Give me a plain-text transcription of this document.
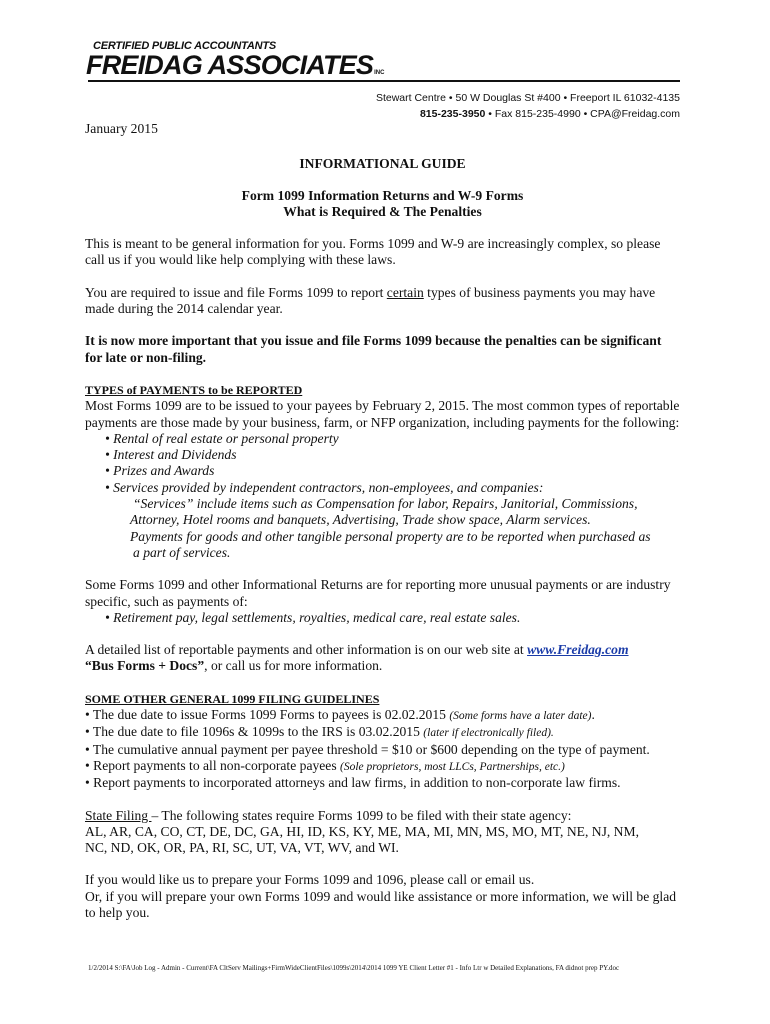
CERTIFIED PUBLIC ACCOUNTANTS
FREIDAG ASSOCIATESINC
Stewart Centre • 50 W Douglas St #400 • Freeport IL 61032-4135
815-235-3950 • Fax 815-235-4990 • CPA@Freidag.com

January 2015

INFORMATIONAL GUIDE

Form 1099 Information Returns and W-9 Forms

What is Required & The Penalties

This is meant to be general information for you. Forms 1099 and W-9 are increasingly complex, so please call us if you would like help complying with these laws.

You are required to issue and file Forms 1099 to report certain types of business payments you may have made during the 2014 calendar year.

It is now more important that you issue and file Forms 1099 because the penalties can be significant for late or non-filing.

TYPES of PAYMENTS to be REPORTED

Most Forms 1099 are to be issued to your payees by February 2, 2015. The most common types of reportable payments are those made by your business, farm, or NFP organization, including payments for the following:

• Rental of real estate or personal property
• Interest and Dividends
• Prizes and Awards
• Services provided by independent contractors, non-employees, and companies:

“Services” include items such as Compensation for labor, Repairs, Janitorial, Commissions,

Attorney, Hotel rooms and banquets, Advertising, Trade show space, Alarm services.

Payments for goods and other tangible personal property are to be reported when purchased as

a part of services.

Some Forms 1099 and other Informational Returns are for reporting more unusual payments or are industry specific, such as payments of:

• Retirement pay, legal settlements, royalties, medical care, real estate sales.

A detailed list of reportable payments and other information is on our web site at www.Freidag.com
“Bus Forms + Docs”, or call us for more information.

SOME OTHER GENERAL 1099 FILING GUIDELINES

• The due date to issue Forms 1099 Forms to payees is 02.02.2015 (Some forms have a later date).

• The due date to file 1096s & 1099s to the IRS is 03.02.2015 (later if electronically filed).

• The cumulative annual payment per payee threshold = $10 or $600 depending on the type of payment.

• Report payments to all non-corporate payees (Sole proprietors, most LLCs, Partnerships, etc.)

• Report payments to incorporated attorneys and law firms, in addition to non-corporate law firms.

State Filing – The following states require Forms 1099 to be filed with their state agency:

AL, AR, CA, CO, CT, DE, DC, GA, HI, ID, KS, KY, ME, MA, MI, MN, MS, MO, MT, NE, NJ, NM,

NC, ND, OK, OR, PA, RI, SC, UT, VA, VT, WV, and WI.

If you would like us to prepare your Forms 1099 and 1096, please call or email us.

Or, if you will prepare your own Forms 1099 and would like assistance or more information, we will be glad to help you.

1/2/2014 S:\FA\Job Log - Admin - Current\FA CltServ Mailings+FirmWideClientFiles\1099s\2014\2014 1099 YE Client Letter #1 - Info Ltr w Detailed Explanations, FA didnot prep PY.doc
